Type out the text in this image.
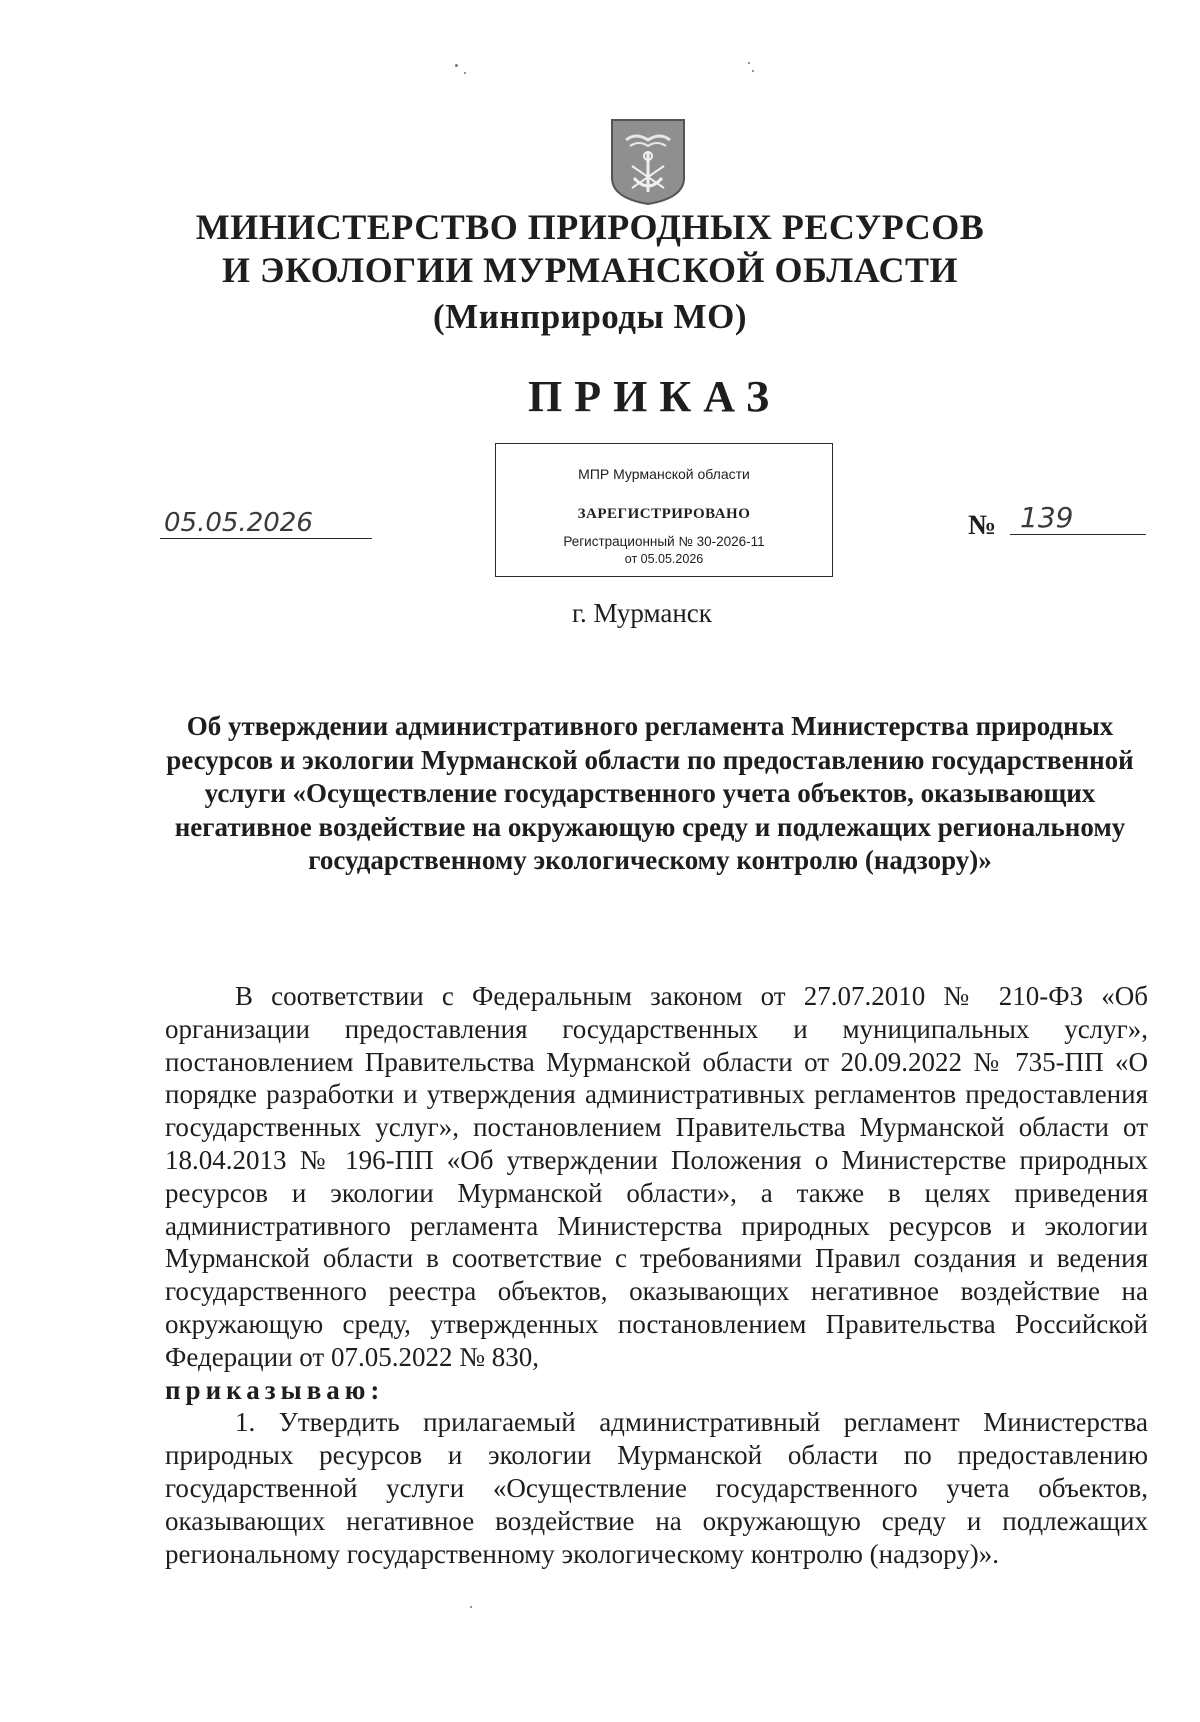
МИНИСТЕРСТВО ПРИРОДНЫХ РЕСУРСОВ
И ЭКОЛОГИИ МУРМАНСКОЙ ОБЛАСТИ
(Минприроды МО)
ПРИКАЗ
МПР Мурманской области
ЗАРЕГИСТРИРОВАНО
Регистрационный № 30-2026-11
от 05.05.2026
05.05.2026	№ 139
г. Мурманск
Об утверждении административного регламента Министерства природных ресурсов и экологии Мурманской области по предоставлению государственной услуги «Осуществление государственного учета объектов, оказывающих негативное воздействие на окружающую среду и подлежащих региональному государственному экологическому контролю (надзору)»

В соответствии с Федеральным законом от 27.07.2010 № 210-ФЗ «Об организации предоставления государственных и муниципальных услуг», постановлением Правительства Мурманской области от 20.09.2022 № 735-ПП «О порядке разработки и утверждения административных регламентов предоставления государственных услуг», постановлением Правительства Мурманской области от 18.04.2013 № 196-ПП «Об утверждении Положения о Министерстве природных ресурсов и экологии Мурманской области», а также в целях приведения административного регламента Министерства природных ресурсов и экологии Мурманской области в соответствие с требованиями Правил создания и ведения государственного реестра объектов, оказывающих негативное воздействие на окружающую среду, утвержденных постановлением Правительства Российской Федерации от 07.05.2022 № 830,

приказываю:

1. Утвердить прилагаемый административный регламент Министерства природных ресурсов и экологии Мурманской области по предоставлению государственной услуги «Осуществление государственного учета объектов, оказывающих негативное воздействие на окружающую среду и подлежащих региональному государственному экологическому контролю (надзору)».
